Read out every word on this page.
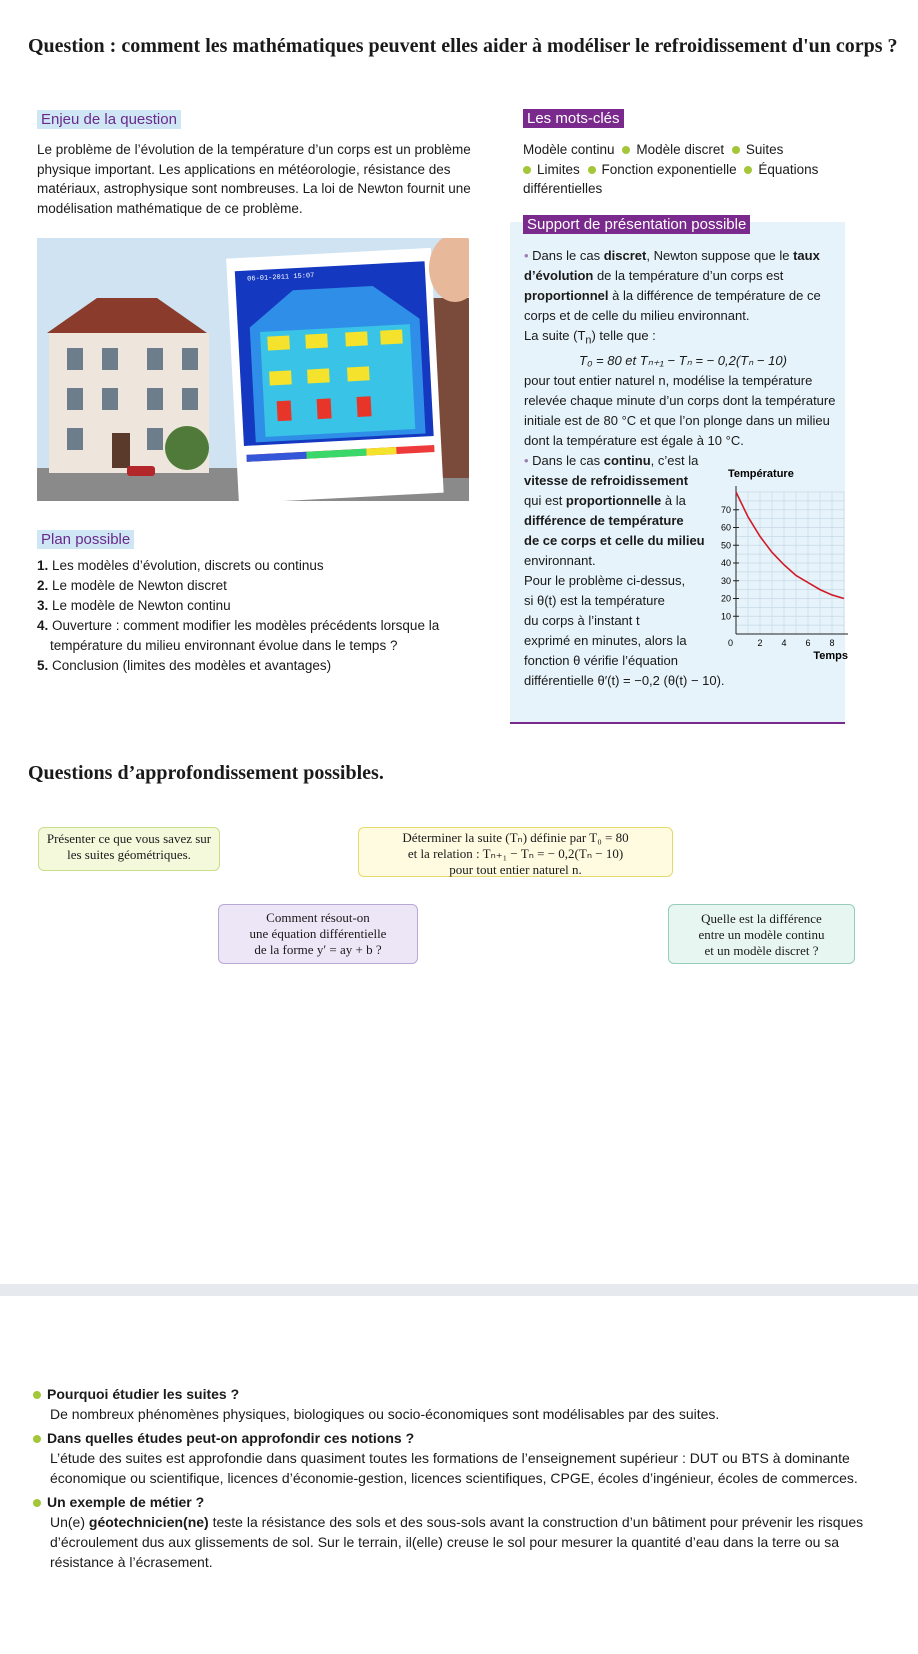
Question : comment les mathématiques peuvent elles aider à modéliser le refroidissement d'un corps ?
Enjeu de la question
Le problème de l’évolution de la température d’un corps est un problème physique important. Les applications en météorologie, résistance des matériaux, astrophysique sont nombreuses. La loi de Newton fournit une modélisation mathématique de ce problème.
Les mots-clés
Modèle continu Modèle discret Suites
Limites Fonction exponentielle Équations différentielles
06-01-2011 15:07
Support de présentation possible
• Dans le cas discret, Newton suppose que le taux d’évolution de la température d’un corps est proportionnel à la différence de température de ce corps et de celle du milieu environnant.
La suite $(T_n)$ telle que :
T₀ = 80 et Tₙ₊₁ − Tₙ = − 0,2(Tₙ − 10)
pour tout entier naturel n, modélise la température relevée chaque minute d’un corps dont la température initiale est de 80 °C et que l’on plonge dans un milieu dont la température est égale à 10 °C.
• Dans le cas continu, c’est la
vitesse de refroidissement
qui est proportionnelle à la
différence de température
de ce corps et celle du milieu
environnant.
Pour le problème ci-dessus,
si θ(t) est la température
du corps à l’instant t
exprimé en minutes, alors la
fonction θ vérifie l’équation
différentielle θ′(t) = −0,2 (θ(t) − 10).
10
20
30
40
50
60
70
2 4 6 8
0
Température
Temps
Plan possible
1. Les modèles d’évolution, discrets ou continus
2. Le modèle de Newton discret
3. Le modèle de Newton continu
4. Ouverture : comment modifier les modèles précédents lorsque la température du milieu environnant évolue dans le temps ?
5. Conclusion (limites des modèles et avantages)
Questions d’approfondissement possibles.
Présenter ce que vous savez sur les suites géométriques.
Déterminer la suite (Tₙ) définie par T₀ = 80
et la relation : Tₙ₊₁ − Tₙ = − 0,2(Tₙ − 10)
pour tout entier naturel n.
Comment résout-on
une équation différentielle
de la forme y′ = ay + b ?
Quelle est la différence
entre un modèle continu
et un modèle discret ?
Pourquoi étudier les suites ?
De nombreux phénomènes physiques, biologiques ou socio-économiques sont modélisables par des suites.
Dans quelles études peut-on approfondir ces notions ?
L’étude des suites est approfondie dans quasiment toutes les formations de l’enseignement supérieur : DUT ou BTS à dominante économique ou scientifique, licences d’économie-gestion, licences scientifiques, CPGE, écoles d’ingénieur, écoles de commerces.
Un exemple de métier ?
Un(e) géotechnicien(ne) teste la résistance des sols et des sous-sols avant la construction d’un bâtiment pour prévenir les risques d’écroulement dus aux glissements de sol. Sur le terrain, il(elle) creuse le sol pour mesurer la quantité d’eau dans la terre ou sa résistance à l’écrasement.
